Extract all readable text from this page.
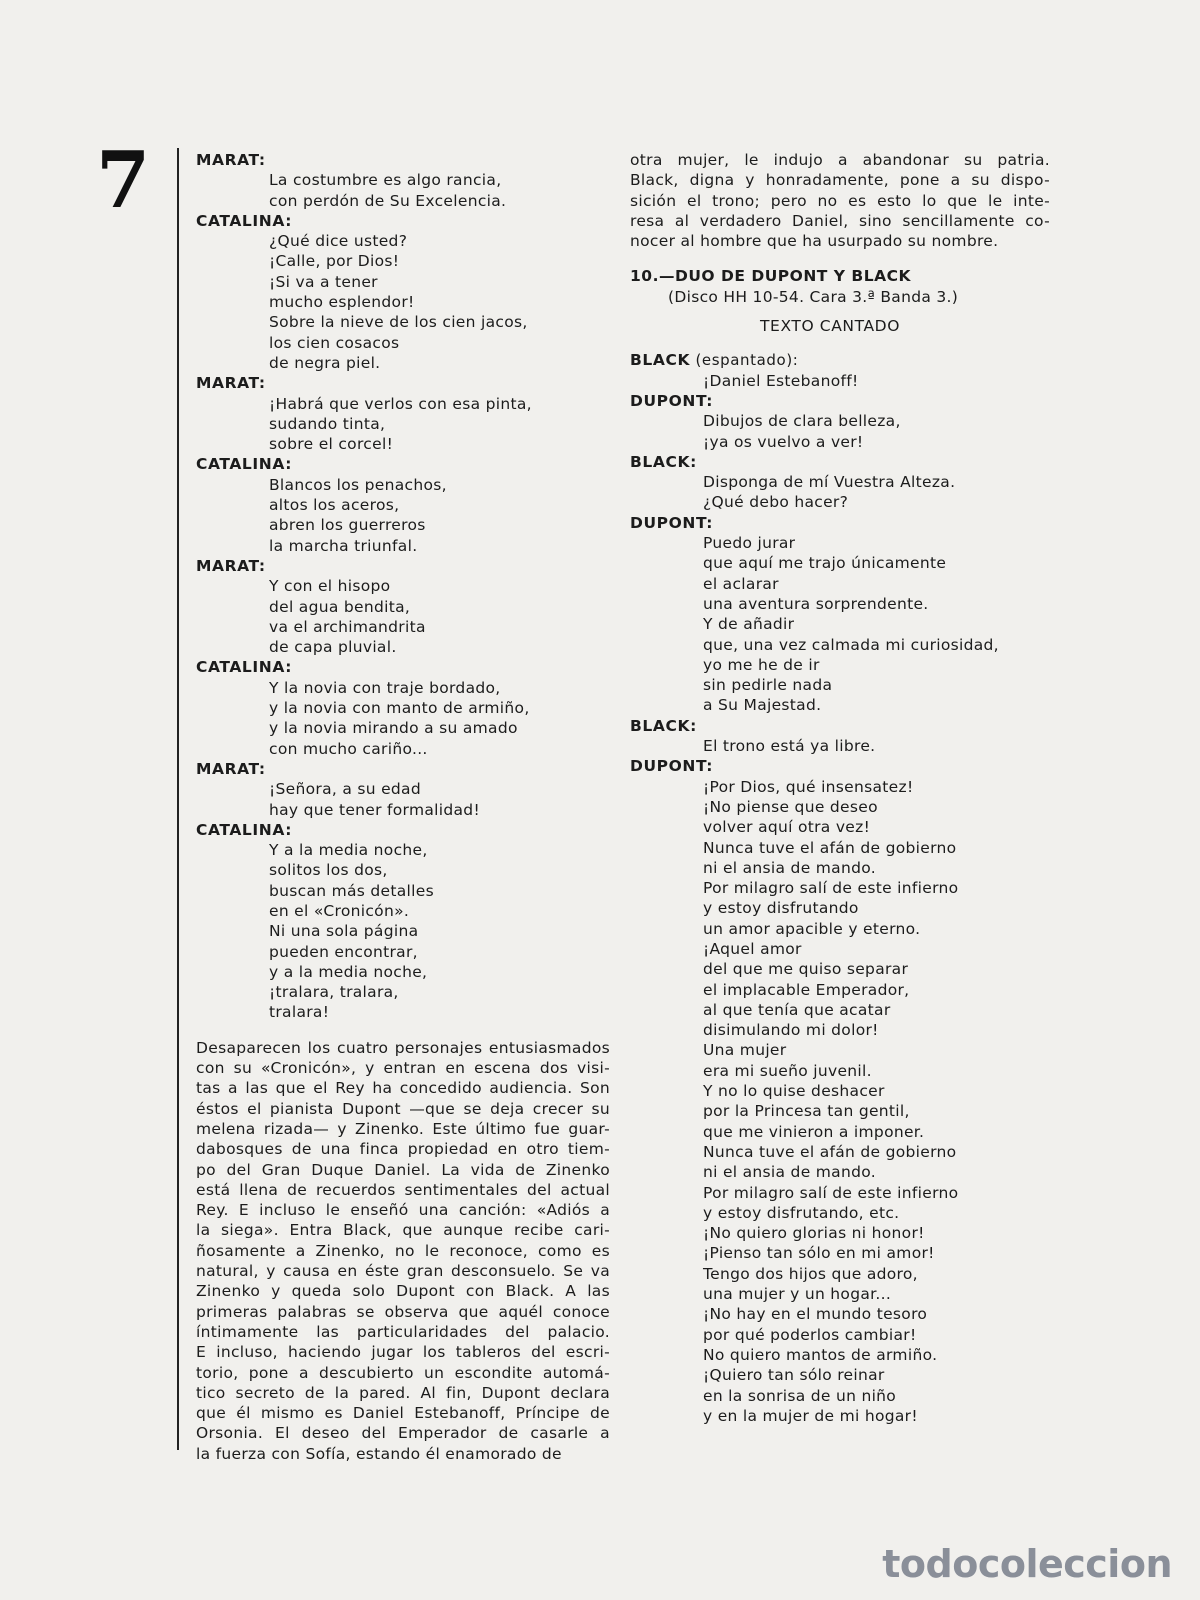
7	MARAT:
La costumbre es algo rancia,
con perdón de Su Excelencia.
CATALINA:
¿Qué dice usted?
¡Calle, por Dios!
¡Si va a tener
mucho esplendor!
Sobre la nieve de los cien jacos,
los cien cosacos
de negra piel.
MARAT:
¡Habrá que verlos con esa pinta,
sudando tinta,
sobre el corcel!
CATALINA:
Blancos los penachos,
altos los aceros,
abren los guerreros
la marcha triunfal.
MARAT:
Y con el hisopo
del agua bendita,
va el archimandrita
de capa pluvial.
CATALINA:
Y la novia con traje bordado,
y la novia con manto de armiño,
y la novia mirando a su amado
con mucho cariño...
MARAT:
¡Señora, a su edad
hay que tener formalidad!
CATALINA:
Y a la media noche,
solitos los dos,
buscan más detalles
en el «Cronicón».
Ni una sola página
pueden encontrar,
y a la media noche,
¡tralara, tralara,
tralara!
Desaparecen los cuatro personajes entusiasmados
con su «Cronicón», y entran en escena dos visi-
tas a las que el Rey ha concedido audiencia. Son
éstos el pianista Dupont —que se deja crecer su
melena rizada— y Zinenko. Este último fue guar-
dabosques de una finca propiedad en otro tiem-
po del Gran Duque Daniel. La vida de Zinenko
está llena de recuerdos sentimentales del actual
Rey. E incluso le enseñó una canción: «Adiós a
la siega». Entra Black, que aunque recibe cari-
ñosamente a Zinenko, no le reconoce, como es
natural, y causa en éste gran desconsuelo. Se va
Zinenko y queda solo Dupont con Black. A las
primeras palabras se observa que aquél conoce
íntimamente las particularidades del palacio.
E incluso, haciendo jugar los tableros del escri-
torio, pone a descubierto un escondite automá-
tico secreto de la pared. Al fin, Dupont declara
que él mismo es Daniel Estebanoff, Príncipe de
Orsonia. El deseo del Emperador de casarle a
la fuerza con Sofía, estando él enamorado de
otra mujer, le indujo a abandonar su patria.
Black, digna y honradamente, pone a su dispo-
sición el trono; pero no es esto lo que le inte-
resa al verdadero Daniel, sino sencillamente co-
nocer al hombre que ha usurpado su nombre.
10.—DUO DE DUPONT Y BLACK
(Disco HH 10-54. Cara 3.ª Banda 3.)
TEXTO CANTADO
BLACK (espantado):
¡Daniel Estebanoff!
DUPONT:
Dibujos de clara belleza,
¡ya os vuelvo a ver!
BLACK:
Disponga de mí Vuestra Alteza.
¿Qué debo hacer?
DUPONT:
Puedo jurar
que aquí me trajo únicamente
el aclarar
una aventura sorprendente.
Y de añadir
que, una vez calmada mi curiosidad,
yo me he de ir
sin pedirle nada
a Su Majestad.
BLACK:
El trono está ya libre.
DUPONT:
¡Por Dios, qué insensatez!
¡No piense que deseo
volver aquí otra vez!
Nunca tuve el afán de gobierno
ni el ansia de mando.
Por milagro salí de este infierno
y estoy disfrutando
un amor apacible y eterno.
¡Aquel amor
del que me quiso separar
el implacable Emperador,
al que tenía que acatar
disimulando mi dolor!
Una mujer
era mi sueño juvenil.
Y no lo quise deshacer
por la Princesa tan gentil,
que me vinieron a imponer.
Nunca tuve el afán de gobierno
ni el ansia de mando.
Por milagro salí de este infierno
y estoy disfrutando, etc.
¡No quiero glorias ni honor!
¡Pienso tan sólo en mi amor!
Tengo dos hijos que adoro,
una mujer y un hogar...
¡No hay en el mundo tesoro
por qué poderlos cambiar!
No quiero mantos de armiño.
¡Quiero tan sólo reinar
en la sonrisa de un niño
y en la mujer de mi hogar!
todocoleccion
